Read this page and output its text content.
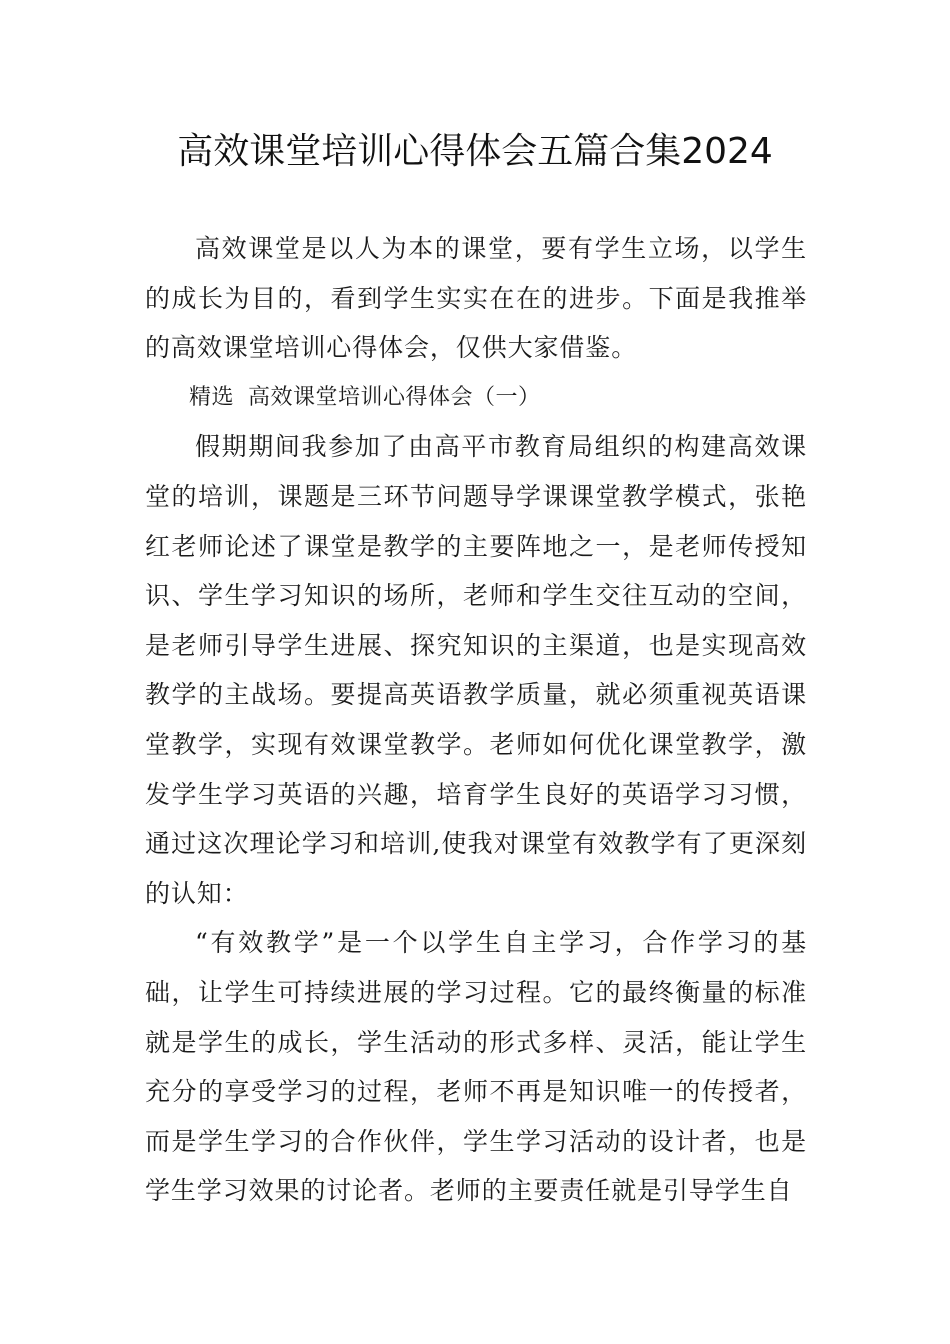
高效课堂培训心得体会五篇合集2024

高效课堂是以人为本的课堂，要有学生立场，以学生的成长为目的，看到学生实实在在的进步。下面是我推举的高效课堂培训心得体会，仅供大家借鉴。

精选 高效课堂培训心得体会（一）

假期期间我参加了由高平市教育局组织的构建高效课堂的培训，课题是三环节问题导学课课堂教学模式，张艳红老师论述了课堂是教学的主要阵地之一，是老师传授知识、学生学习知识的场所，老师和学生交往互动的空间，是老师引导学生进展、探究知识的主渠道，也是实现高效教学的主战场。要提高英语教学质量，就必须重视英语课堂教学，实现有效课堂教学。老师如何优化课堂教学，激发学生学习英语的兴趣，培育学生良好的英语学习习惯，通过这次理论学习和培训,使我对课堂有效教学有了更深刻的认知：

“有效教学”是一个以学生自主学习，合作学习的基础，让学生可持续进展的学习过程。它的最终衡量的标准就是学生的成长，学生活动的形式多样、灵活，能让学生充分的享受学习的过程，老师不再是知识唯一的传授者，而是学生学习的合作伙伴，学生学习活动的设计者，也是学生学习效果的讨论者。老师的主要责任就是引导学生自
